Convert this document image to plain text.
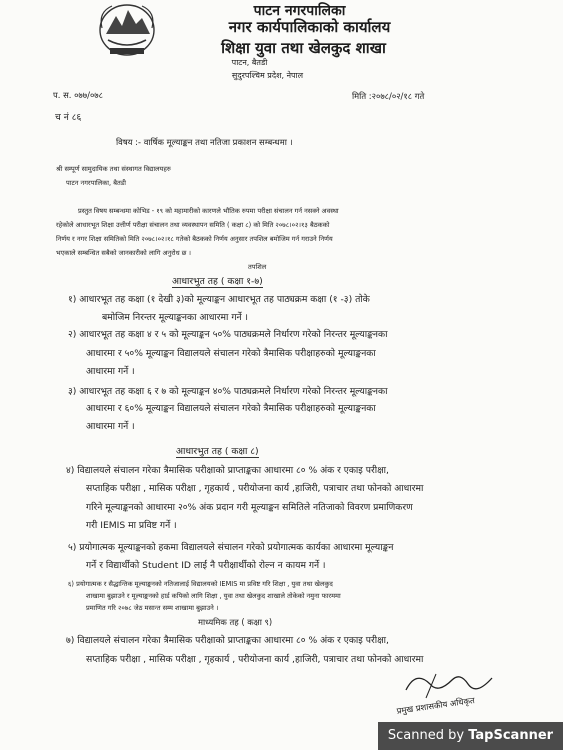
पाटन नगरपालिका
नगर कार्यपालिकाको कार्यालय
शिक्षा युवा तथा खेलकुद शाखा
पाटन, बैतडी
सुदुरपश्चिम प्रदेश, नेपाल
प. स. ०७७/०७८	मिति :२०७८/०२/१८ गते
च नं ८६
विषय :- वार्षिक मूल्याङ्कन तथा नतिजा प्रकाशन सम्बन्धमा ।
श्री सम्पूर्ण सामुदायिक तथा संस्थागत विद्यालयहरु
पाटन नगरपालिका, बैतडी
प्रस्तुत विषय सम्बन्धमा कोभिड - १९ को महामारीको कारणले भौतिक रुपमा परीक्षा संचालन गर्न नसक्ने अवस्था
रहेकोले आधारभूत शिक्षा उत्तीर्ण परीक्षा संचालन तथा व्यवस्थापन समिति ( कक्षा ८) को मिति २०७८।०२।१३ बैठकको
निर्णय र नगर शिक्षा समितिको मिति २०७८।०२।१८ गतेको बैठकको निर्णय अनुसार तपशिल बमोजिम गर्न गराउने निर्णय
भएकाले सम्बन्धित सबैको जानकारीको लागि अनुरोध छ ।
तपशिल
आधारभुत तह ( कक्षा १-७)
१) आधारभूत तह कक्षा (१ देखी ३)को मूल्याङ्कन आधारभूत तह पाठ्यक्रम कक्षा (१ -३) तोके
बमोजिम निरन्तर मूल्याङ्कनका आधारमा गर्ने ।
२) आधारभूत तह कक्षा ४ र ५ को मूल्याङ्कन ५०% पाठ्यक्रमले निर्धारण गरेको निरन्तर मूल्याङ्कनका
आधारमा र ५०% मूल्याङ्कन विद्यालयले संचालन गरेको त्रैमासिक परीक्षाहरुको मूल्याङ्कनका
आधारमा गर्ने ।
३) आधारभूत तह कक्षा ६ र ७ को मूल्याङ्कन ४०% पाठ्यक्रमले निर्धारण गरेको निरन्तर मूल्याङ्कनका
आधारमा र ६०% मूल्याङ्कन विद्यालयले संचालन गरेको त्रैमासिक परीक्षाहरुको मूल्याङ्कनका
आधारमा गर्ने ।
आधारभुत तह ( कक्षा ८)
४) विद्यालयले संचालन गरेका त्रैमासिक परीक्षाको प्राप्ताङ्कका आधारमा ८० % अंक र एकाइ परीक्षा,
सप्ताहिक परीक्षा , मासिक परीक्षा , गृहकार्य , परीयोजना कार्य ,हाजिरी, पत्राचार तथा फोनको आधारमा
गरिने मूल्याङ्कनको आधारमा २०% अंक प्रदान गरी मूल्याङ्कन समितिले नतिजाको विवरण प्रमाणिकरण
गरी IEMIS मा प्रविष्ट गर्ने ।
५) प्रयोगात्मक मूल्याङ्कनको हकमा विद्यालयले संचालन गरेको प्रयोगात्मक कार्यका आधारमा मूल्याङ्कन
गर्ने र विद्यार्थीको Student ID लाई नै परीक्षार्थीको रोल्न न कायम गर्ने ।
६) प्रयोगात्मक र सैद्धान्तिक मूल्याङ्कनको नतिजालाई विद्यालयको IEMIS मा प्रविष्ट गरि शिक्षा , युवा तथा खेलकुद
शाखामा बुझाउने र मूल्याङ्कनको हार्ड कपिको लागि शिक्षा , युवा तथा खेलकुद शाखाले तोकेको नमुना फारममा
प्रमाणित गरि २०७८ जेठ मसान्त सम्म शाखामा बुझाउने ।
माध्यमिक तह ( कक्षा ९)
७) विद्यालयले संचालन गरेका त्रैमासिक परीक्षाको प्राप्ताङ्कका आधारमा ८० % अंक र एकाइ परीक्षा,
सप्ताहिक परीक्षा , मासिक परीक्षा , गृहकार्य , परीयोजना कार्य ,हाजिरी, पत्राचार तथा फोनको आधारमा
प्रमुख प्रशासकीय अधिकृत
Scanned by TapScanner
